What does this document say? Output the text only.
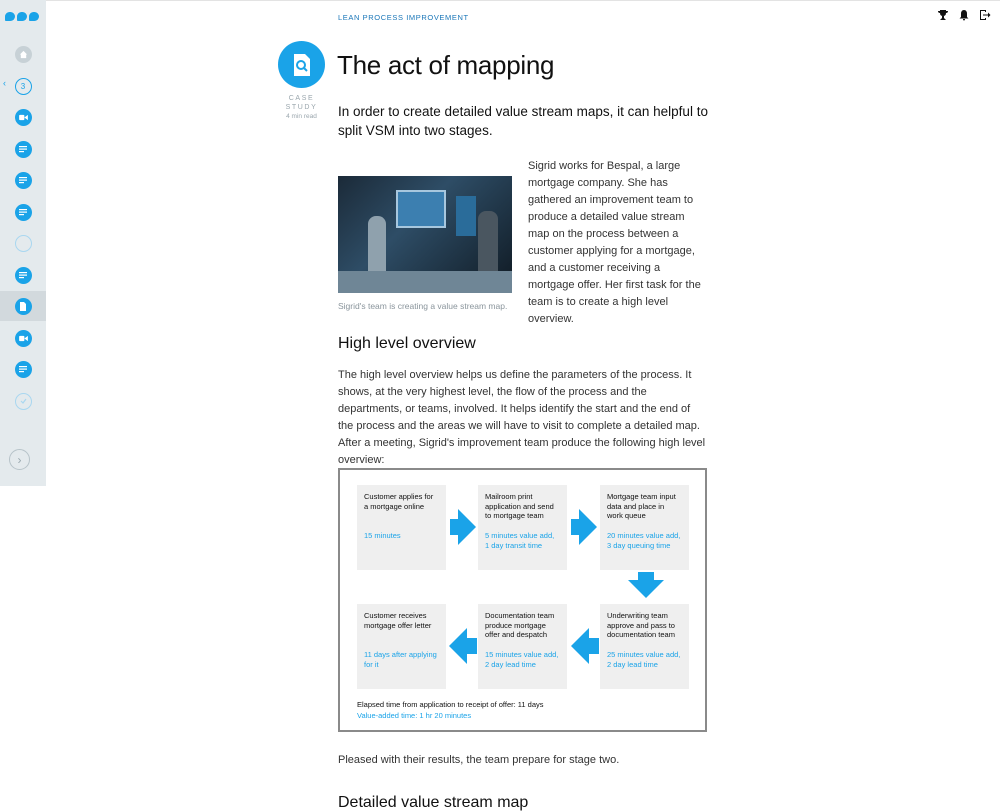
‹ 3
›
LEAN PROCESS IMPROVEMENT
CASE
STUDY
4 min read
The act of mapping

In order to create detailed value stream maps, it can helpful to split VSM into two stages.

Sigrid's team is creating a value stream map.

Sigrid works for Bespal, a large mortgage company. She has gathered an improvement team to produce a detailed value stream map on the process between a customer applying for a mortgage, and a customer receiving a mortgage offer. Her first task for the team is to create a high level overview.

High level overview

The high level overview helps us define the parameters of the process. It shows, at the very highest level, the flow of the process and the departments, or teams, involved. It helps identify the start and the end of the process and the areas we will have to visit to complete a detailed map. After a meeting, Sigrid's improvement team produce the following high level overview:

Customer applies for a mortgage online
15 minutes
Mailroom print application and send to mortgage team
5 minutes value add, 1 day transit time
Mortgage team input data and place in work queue
20 minutes value add, 3 day queuing time
Underwriting team approve and pass to documentation team
25 minutes value add, 2 day lead time
Documentation team produce mortgage offer and despatch
15 minutes value add, 2 day lead time
Customer receives mortgage offer letter
11 days after applying for it
Elapsed time from application to receipt of offer: 11 days
Value-added time: 1 hr 20 minutes

Pleased with their results, the team prepare for stage two.

Detailed value stream map
